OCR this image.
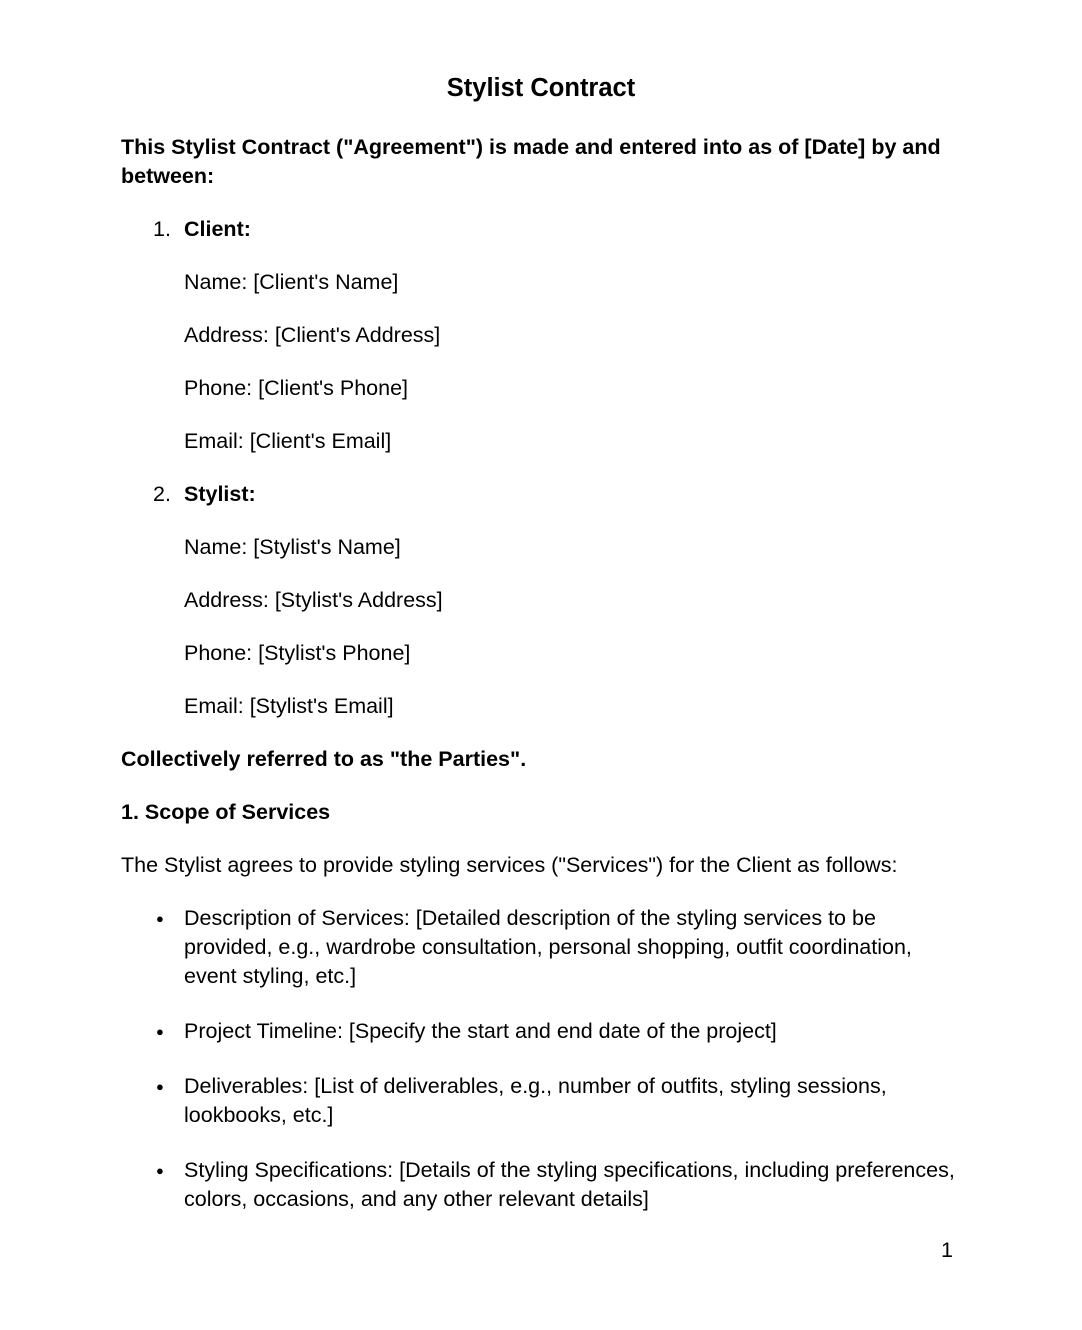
Stylist Contract

This Stylist Contract ("Agreement") is made and entered into as of [Date] by and between:

1. Client:

Name: [Client's Name]

Address: [Client's Address]

Phone: [Client's Phone]

Email: [Client's Email]

2. Stylist:

Name: [Stylist's Name]

Address: [Stylist's Address]

Phone: [Stylist's Phone]

Email: [Stylist's Email]

Collectively referred to as "the Parties".

1. Scope of Services

The Stylist agrees to provide styling services ("Services") for the Client as follows:

● Description of Services: [Detailed description of the styling services to be provided, e.g., wardrobe consultation, personal shopping, outfit coordination, event styling, etc.]
● Project Timeline: [Specify the start and end date of the project]
● Deliverables: [List of deliverables, e.g., number of outfits, styling sessions, lookbooks, etc.]
● Styling Specifications: [Details of the styling specifications, including preferences, colors, occasions, and any other relevant details]
1
